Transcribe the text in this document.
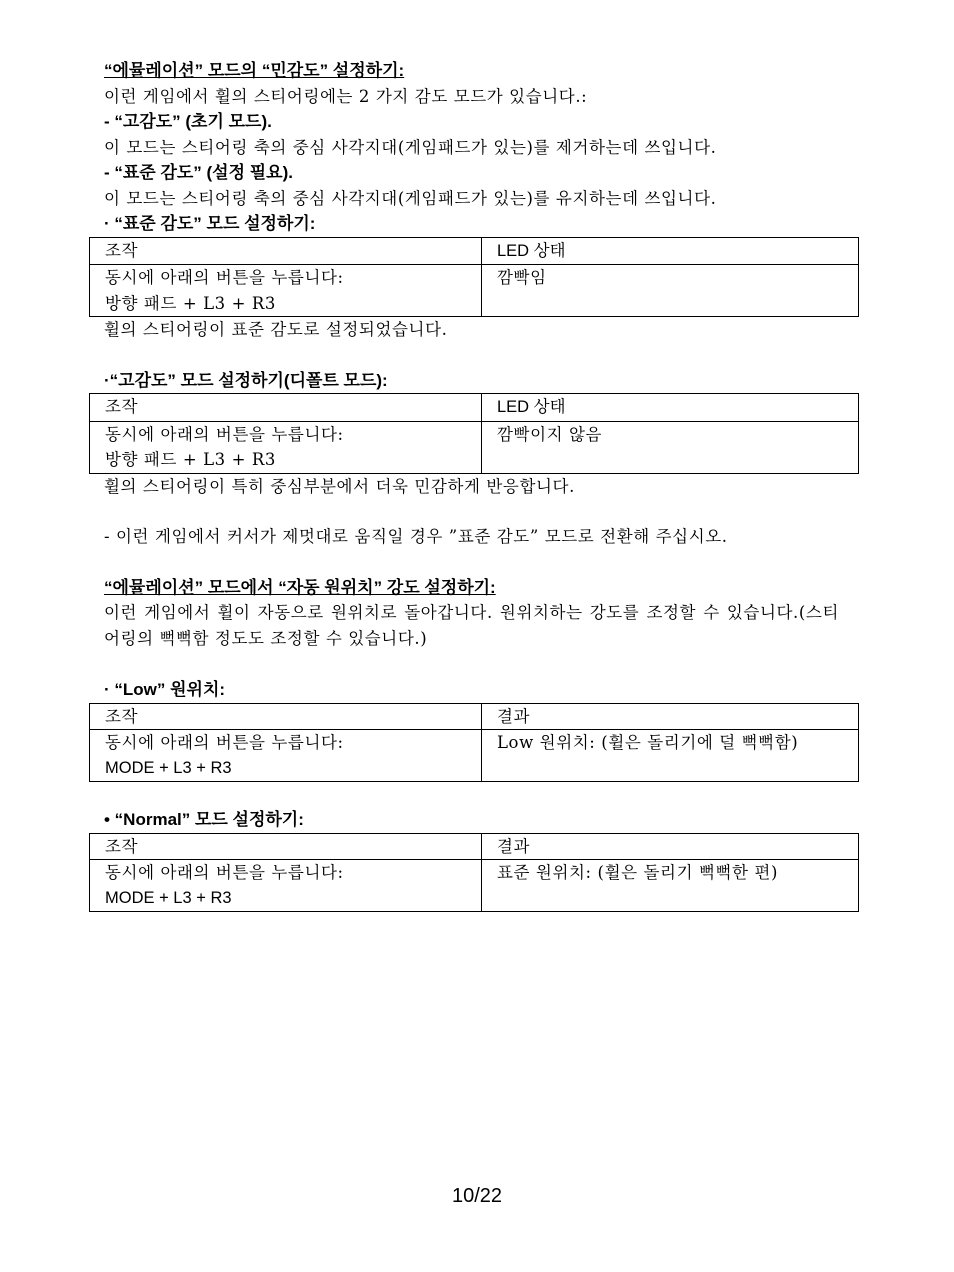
“에뮬레이션” 모드의 “민감도” 설정하기:
이런 게임에서 휠의 스티어링에는 2 가지 감도 모드가 있습니다.:
- “고감도” (초기 모드).
이 모드는 스티어링 축의 중심 사각지대(게임패드가 있는)를 제거하는데 쓰입니다.
- “표준 감도” (설정 필요).
이 모드는 스티어링 축의 중심 사각지대(게임패드가 있는)를 유지하는데 쓰입니다.
· “표준 감도” 모드 설정하기:
조작	LED 상태

동시에 아래의 버튼을 누릅니다:
방향 패드 + L3 + R3	깜빡임
휠의 스티어링이 표준 감도로 설정되었습니다.
·“고감도” 모드 설정하기(디폴트 모드):
조작	LED 상태

동시에 아래의 버튼을 누릅니다:
방향 패드 + L3 + R3	깜빡이지 않음
휠의 스티어링이 특히 중심부분에서 더욱 민감하게 반응합니다.
- 이런 게임에서 커서가 제멋대로 움직일 경우 ”표준 감도” 모드로 전환해 주십시오.
“에뮬레이션” 모드에서 “자동 원위치” 강도 설정하기:
이런 게임에서 휠이 자동으로 원위치로 돌아갑니다. 원위치하는 강도를 조정할 수 있습니다.(스티어링의 뻑뻑함 정도도 조정할 수 있습니다.)
· “Low” 원위치:
조작	결과

동시에 아래의 버튼을 누릅니다:
MODE + L3 + R3	Low 원위치: (휠은 돌리기에 덜 뻑뻑함)
• “Normal” 모드 설정하기:
조작	결과

동시에 아래의 버튼을 누릅니다:
MODE + L3 + R3	표준 원위치: (휠은 돌리기 뻑뻑한 편)
10/22
